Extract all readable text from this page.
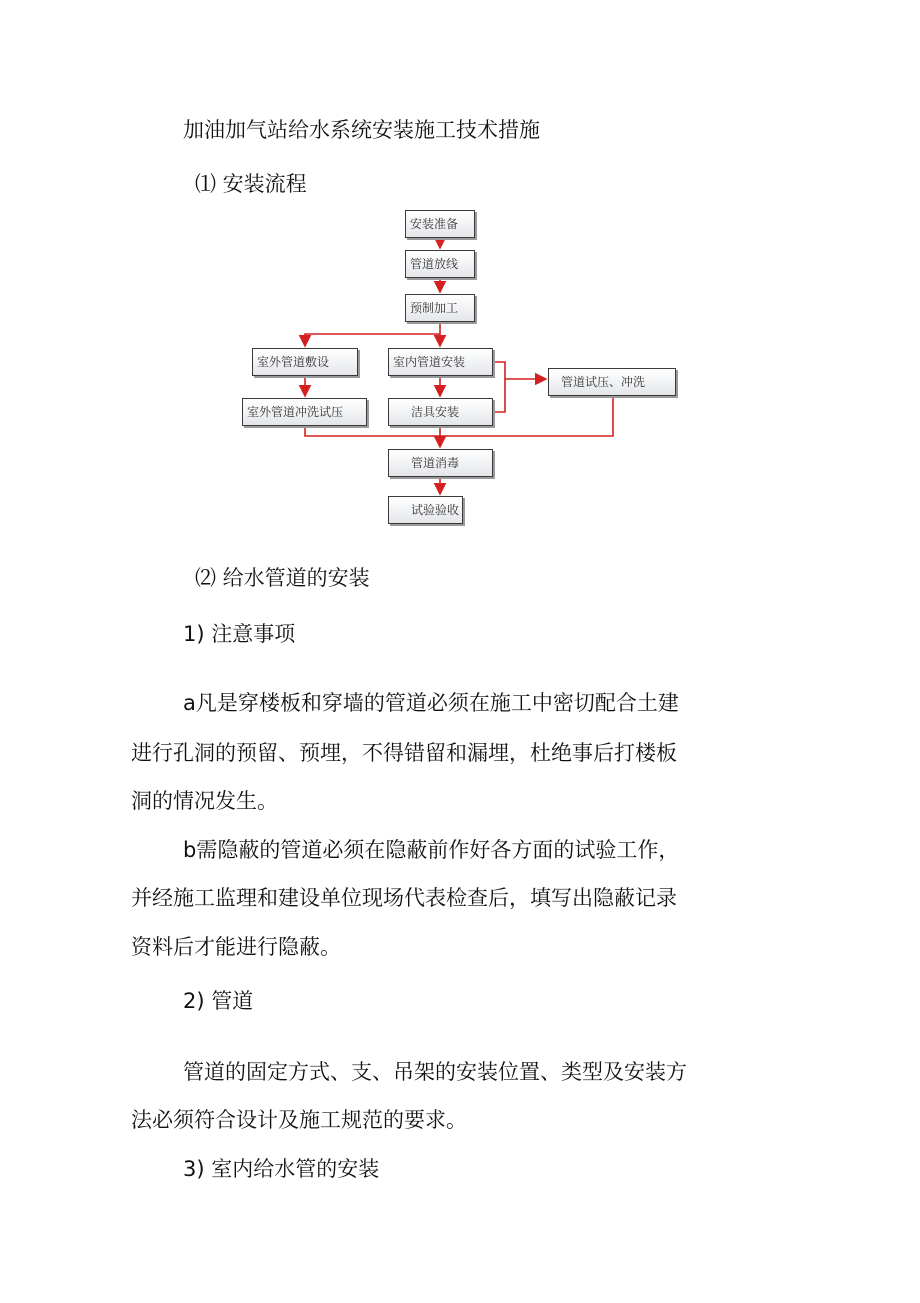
加油加气站给水系统安装施工技术措施
⑴ 安装流程
安装准备
管道放线
预制加工
室外管道敷设	室内管道安装
管道试压、冲洗
室外管道冲洗试压	洁具安装
管道消毒
试验验收
⑵ 给水管道的安装
1) 注意事项
a凡是穿楼板和穿墙的管道必须在施工中密切配合土建
进行孔洞的预留、预埋，不得错留和漏埋，杜绝事后打楼板
洞的情况发生。
b需隐蔽的管道必须在隐蔽前作好各方面的试验工作，
并经施工监理和建设单位现场代表检查后，填写出隐蔽记录
资料后才能进行隐蔽。
2) 管道
管道的固定方式、支、吊架的安装位置、类型及安装方
法必须符合设计及施工规范的要求。
3) 室内给水管的安装
